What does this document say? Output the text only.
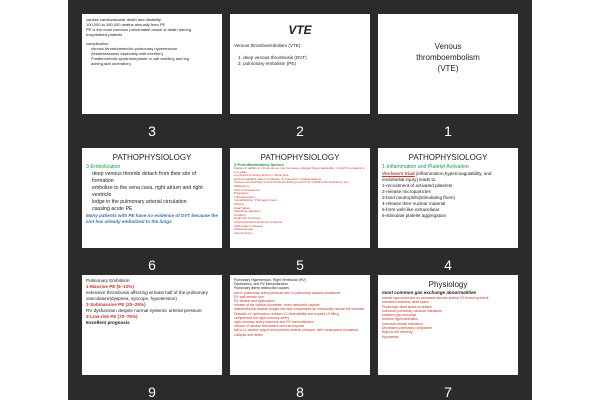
causes cardiovascular death and disability
100,000 to 180,000 deaths annually from PE
PE is the most common preventable cause of death among
hospitalized patients
complication :
chronic thromboembolic pulmonary hypertension
(breathlessness especially with exertion)
Postthrombotic syndrome(ankle or calf swelling and leg
aching,skin ulceration)
3
VTE
Venous thromboembolism (VTE)
1. deep venous thrombosis (DVT)
2. pulmonary embolism (PE)
2
Venous thromboembolism (VTE)
1
PATHOPHYSIOLOGY
3-Embolization
deep venous thrombi detach from their site of formation
embolize to the vena cava, right atrium and right ventricle
lodge in the pulmonary arterial circulation
causing acute PE
Many patients with PE have no evidence of DVT because the clot has already embolized to the lungs
6
PATHOPHYSIOLOGY
2-Proinflammatory factors
Factors in addition to those above may be cause enlarged hypercoagulable, in which the patient is in a state
of enhanced clotting factors in blood plus
Hypercoagulable states in patients (1-2 percent), surgical patients
Genetic susceptibility to thrombosis (including protein C/S, antithrombin deficiency etc.)
Malignancy
Oral contraceptives
Pregnancy
Trauma/surgery
Immobilization, Prolonged travel
Obesity
Heart failure
Indwelling catheters
Smoking
Nephrotic syndrome
Antiphospholipid antibody syndrome
Inflammatory disease
Advanced age
Venous injury
5
PATHOPHYSIOLOGY
1-Inflammation and Platelet Activation
Virchow's triad (inflammation,hypercoagulability, and endothelial injury) leads to
1-recruitment of activated platelets
2-release microparticles
3-bind neutrophils(stimulating them)
4-release their nuclear material
5-form web-like extracellular
6-stimulate platelet aggregation
4
Pulmonary Embolism
1-Massive PE (5–10%)
extensive thrombosis affecting at least half of the pulmonary vasculature(dyspnea, syncope, hypotension)
2-Submassive PE (20–25%)
RV dysfunction despite normal systemic arterial pressure
3-Low-risk PE (70–75%)
Excellent prognosis
9
Pulmonary Hypertension, Right Ventricular (RV)
Dysfunction, and RV Microinfarction
Pulmonary artery obstruction causes
rise in pulmonary artery pressure and in pulmonary vascular resistance
RV wall tension rise
RV dilation and dysfunction
release of the cardiac biomarker, brain natriuretic peptide
interventricular septum bulges into and compresses an intrinsically normal left ventricle
Diastolic LV dysfunction reduces LV distensibility and impairs LV filling
compresses the right coronary artery
right coronary artery ischemia and RV microinfarction
release of cardiac biomarkers such as troponin
fall in LV cardiac output and systemic arterial pressure, with consequent circulatory collapse and death
8
Physiology
most common gas exchange abnormalities
arterial hypoxemia and an increased alveolar-arterial O2 tension gradient
Increased anatomic dead space
Physiologic dead space increases
Increased pulmonary vascular resistance
Impaired gas exchange
Alveolar hyperventilation
Increased airway resistance
Decreased pulmonary compliance
Right-to-left shunting
Hypoxemia
7
